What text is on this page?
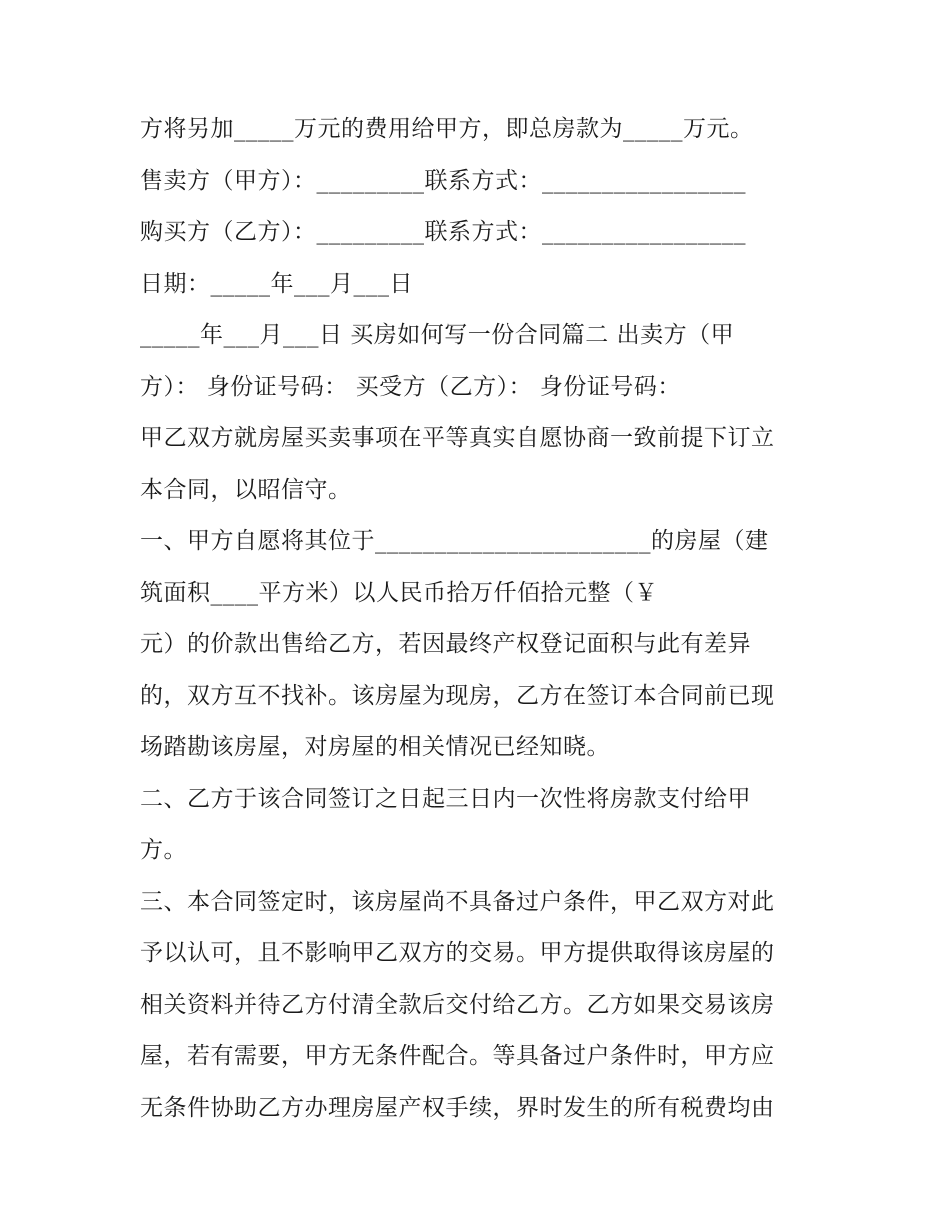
方将另加_____万元的费用给甲方，即总房款为_____万元。
售卖方（甲方）：_________联系方式：_________________
购买方（乙方）：_________联系方式：_________________
日期：_____年___月___日
_____年___月___日 买房如何写一份合同篇二 出卖方（甲
方）： 身份证号码： 买受方（乙方）： 身份证号码：
甲乙双方就房屋买卖事项在平等真实自愿协商一致前提下订立
本合同，以昭信守。
一、甲方自愿将其位于_______________________的房屋（建
筑面积____平方米）以人民币拾万仟佰拾元整（￥
元）的价款出售给乙方，若因最终产权登记面积与此有差异
的，双方互不找补。该房屋为现房，乙方在签订本合同前已现
场踏勘该房屋，对房屋的相关情况已经知晓。
二、乙方于该合同签订之日起三日内一次性将房款支付给甲
方。
三、本合同签定时，该房屋尚不具备过户条件，甲乙双方对此
予以认可，且不影响甲乙双方的交易。甲方提供取得该房屋的
相关资料并待乙方付清全款后交付给乙方。乙方如果交易该房
屋，若有需要，甲方无条件配合。等具备过户条件时，甲方应
无条件协助乙方办理房屋产权手续，界时发生的所有税费均由
